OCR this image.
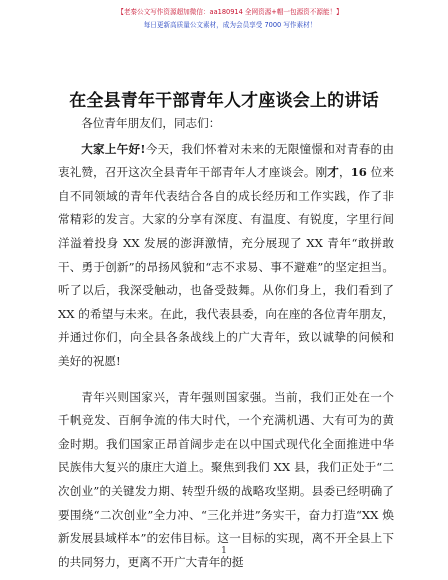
【老秦公文写作资源超加微信：aa180914 全网资源+帽一包源资不源能！】
每日更新高质量公文素材，成为会员享受 7000 写作素材！
在全县青年干部青年人才座谈会上的讲话

各位青年朋友们，同志们：

大家上午好!今天，我们怀着对未来的无限憧憬和对青春的由衷礼赞，召开这次全县青年干部青年人才座谈会。刚才，16 位来自不同领域的青年代表结合各自的成长经历和工作实践，作了非常精彩的发言。大家的分享有深度、有温度、有锐度，字里行间洋溢着投身 XX 发展的澎湃激情，充分展现了 XX 青年“敢拼敢干、勇于创新”的昂扬风貌和“志不求易、事不避难”的坚定担当。听了以后，我深受触动，也备受鼓舞。从你们身上，我们看到了 XX 的希望与未来。在此，我代表县委，向在座的各位青年朋友，并通过你们，向全县各条战线上的广大青年，致以诚挚的问候和美好的祝愿!

青年兴则国家兴，青年强则国家强。当前，我们正处在一个千帆竞发、百舸争流的伟大时代，一个充满机遇、大有可为的黄金时期。我们国家正昂首阔步走在以中国式现代化全面推进中华民族伟大复兴的康庄大道上。聚焦到我们 XX 县，我们正处于“二次创业”的关键发力期、转型升级的战略攻坚期。县委已经明确了要围绕“二次创业”全力冲、“三化并进”务实干，奋力打造“XX 焕新发展县域样本”的宏伟目标。这一目标的实现，离不开全县上下的共同努力，更离不开广大青年的挺

1
